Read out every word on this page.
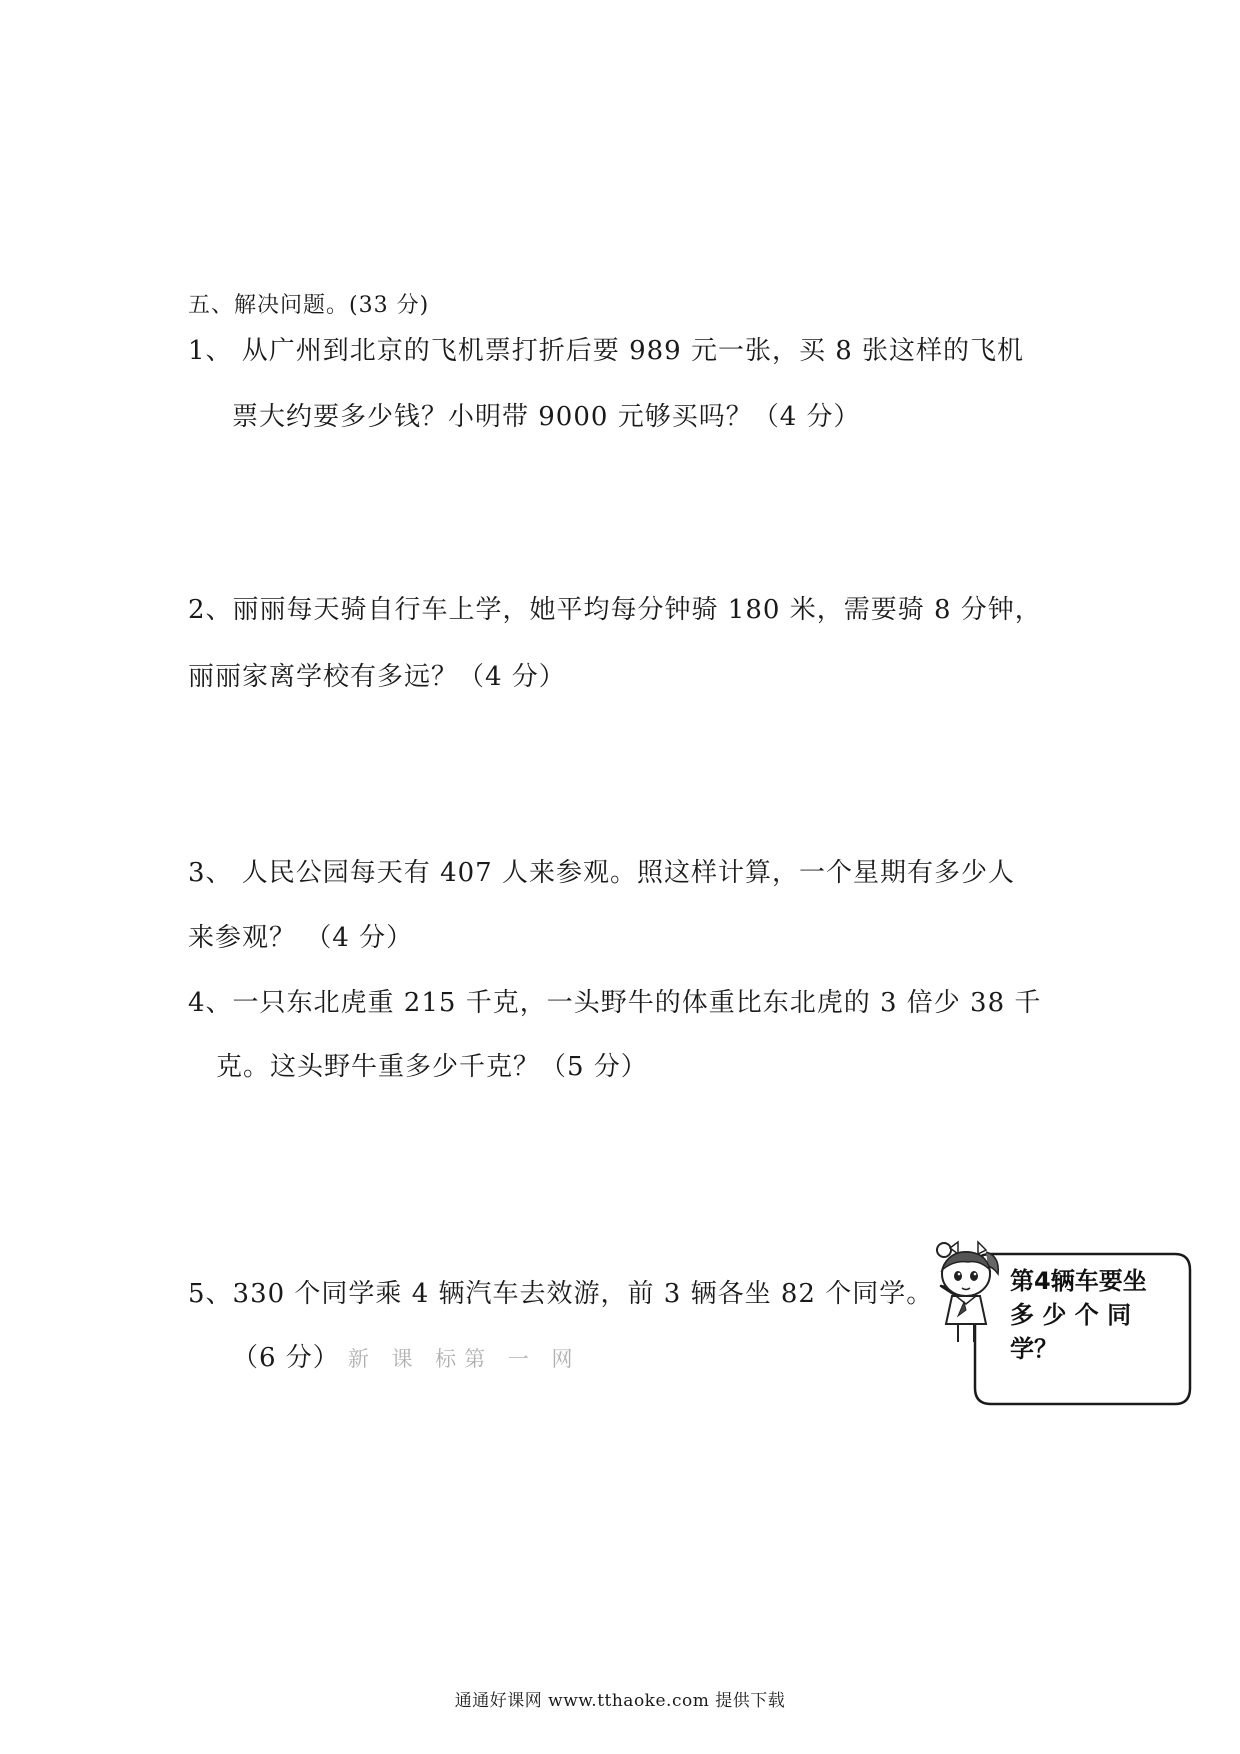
五、解决问题。(33 分)
1、 从广州到北京的飞机票打折后要 989 元一张，买 8 张这样的飞机
票大约要多少钱？小明带 9000 元够买吗？（4 分）
2、丽丽每天骑自行车上学，她平均每分钟骑 180 米，需要骑 8 分钟，
丽丽家离学校有多远？（4 分）
3、 人民公园每天有 407 人来参观。照这样计算，一个星期有多少人
来参观？ （4 分）
4、一只东北虎重 215 千克，一头野牛的体重比东北虎的 3 倍少 38 千
克。这头野牛重多少千克？（5 分）
5、330 个同学乘 4 辆汽车去效游，前 3 辆各坐 82 个同学。
（6 分） 新 课 标第 一 网
第4辆车要坐
多 少 个 同
学？
通通好课网 www.tthaoke.com 提供下载
